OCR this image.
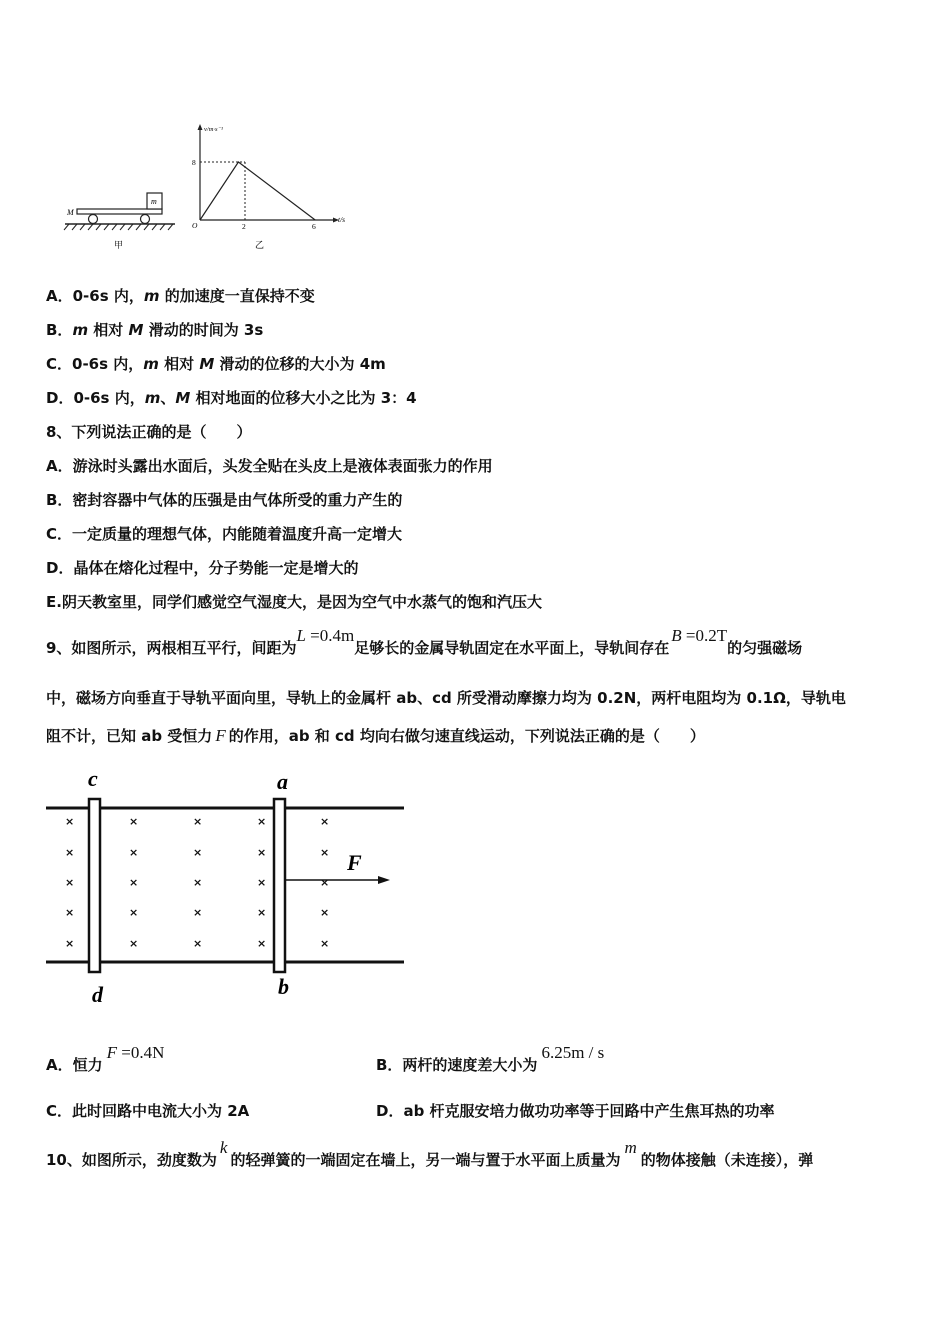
m
M
甲
v/m·s⁻¹
t/s
8
O	2	6
乙
A．0-6s 内，m 的加速度一直保持不变
B．m 相对 M 滑动的时间为 3s
C．0-6s 内，m 相对 M 滑动的位移的大小为 4m
D．0-6s 内，m、M 相对地面的位移大小之比为 3：4
8、下列说法正确的是（　　）
A．游泳时头露出水面后，头发全贴在头皮上是液体表面张力的作用
B．密封容器中气体的压强是由气体所受的重力产生的
C．一定质量的理想气体，内能随着温度升高一定增大
D．晶体在熔化过程中，分子势能一定是增大的
E.阴天教室里，同学们感觉空气湿度大，是因为空气中水蒸气的饱和汽压大
9、如图所示，两根相互平行，间距为L =0.4m足够长的金属导轨固定在水平面上，导轨间存在B =0.2T的匀强磁场
中，磁场方向垂直于导轨平面向里，导轨上的金属杆 ab、cd 所受滑动摩擦力均为 0.2N，两杆电阻均为 0.1Ω，导轨电
阻不计，已知 ab 受恒力 F 的作用，ab 和 cd 均向右做匀速直线运动，下列说法正确的是（　　）
×
×
×
×
×
×
×
×
×
×
×
×
×
×
×
×
×
×
×
×
×
×
×
×
×
F
c	a
d	b
A．恒力F =0.4N
B．两杆的速度差大小为6.25m / s
C．此时回路中电流大小为 2A	D．ab 杆克服安培力做功功率等于回路中产生焦耳热的功率
10、如图所示，劲度数为k的轻弹簧的一端固定在墙上，另一端与置于水平面上质量为m的物体接触（未连接），弹
